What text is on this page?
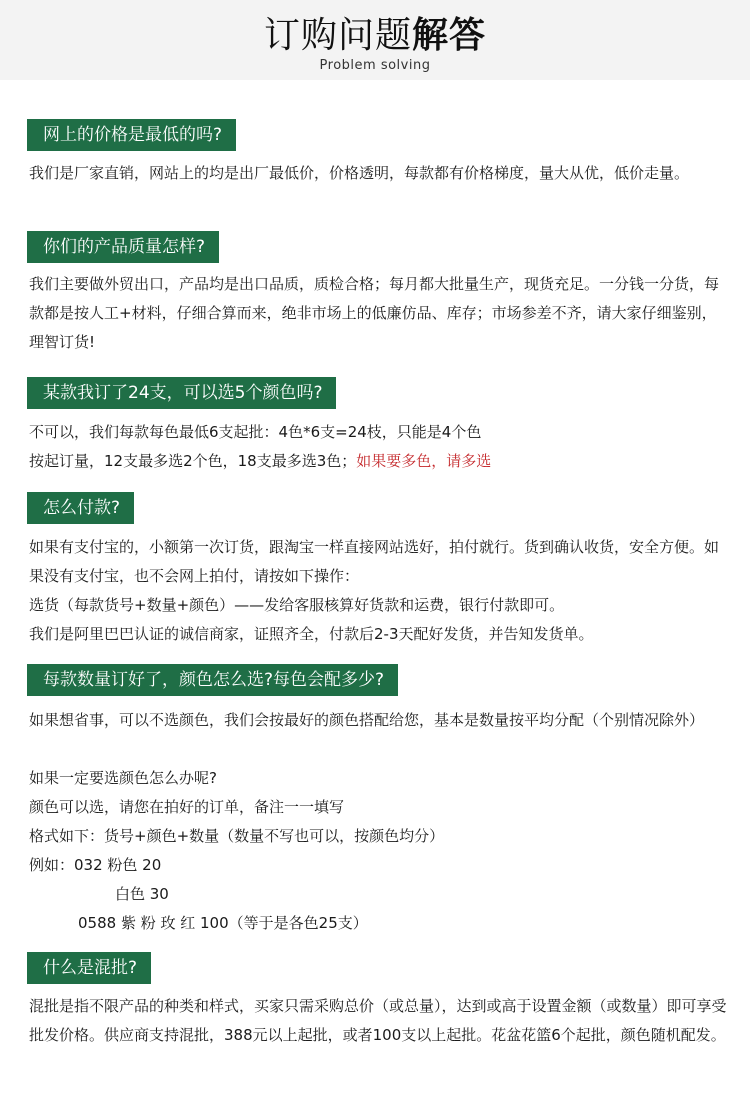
订购问题解答
Problem solving
网上的价格是最低的吗?

我们是厂家直销，网站上的均是出厂最低价，价格透明，每款都有价格梯度，量大从优，低价走量。

你们的产品质量怎样?

我们主要做外贸出口，产品均是出口品质，质检合格；每月都大批量生产，现货充足。一分钱一分货，每款都是按人工+材料，仔细合算而来，绝非市场上的低廉仿品、库存；市场参差不齐，请大家仔细鉴别，理智订货!

某款我订了24支，可以选5个颜色吗?
不可以，我们每款每色最低6支起批：4色*6支=24枝，只能是4个色
按起订量，12支最多选2个色，18支最多选3色；如果要多色，请多选
怎么付款?

如果有支付宝的，小额第一次订货，跟淘宝一样直接网站选好，拍付就行。货到确认收货，安全方便。如果没有支付宝，也不会网上拍付，请按如下操作：

选货（每款货号+数量+颜色）——发给客服核算好货款和运费，银行付款即可。
我们是阿里巴巴认证的诚信商家，证照齐全，付款后2-3天配好发货，并告知发货单。
每款数量订好了，颜色怎么选?每色会配多少?

如果想省事，可以不选颜色，我们会按最好的颜色搭配给您，基本是数量按平均分配（个别情况除外）

如果一定要选颜色怎么办呢?
颜色可以选，请您在拍好的订单，备注一一填写
格式如下：货号+颜色+数量（数量不写也可以，按颜色均分）
例如：032 粉色 20
白色 30
0588 紫 粉 玫 红 100（等于是各色25支）
什么是混批?

混批是指不限产品的种类和样式，买家只需采购总价（或总量），达到或高于设置金额（或数量）即可享受批发价格。供应商支持混批，388元以上起批，或者100支以上起批。花盆花篮6个起批，颜色随机配发。
